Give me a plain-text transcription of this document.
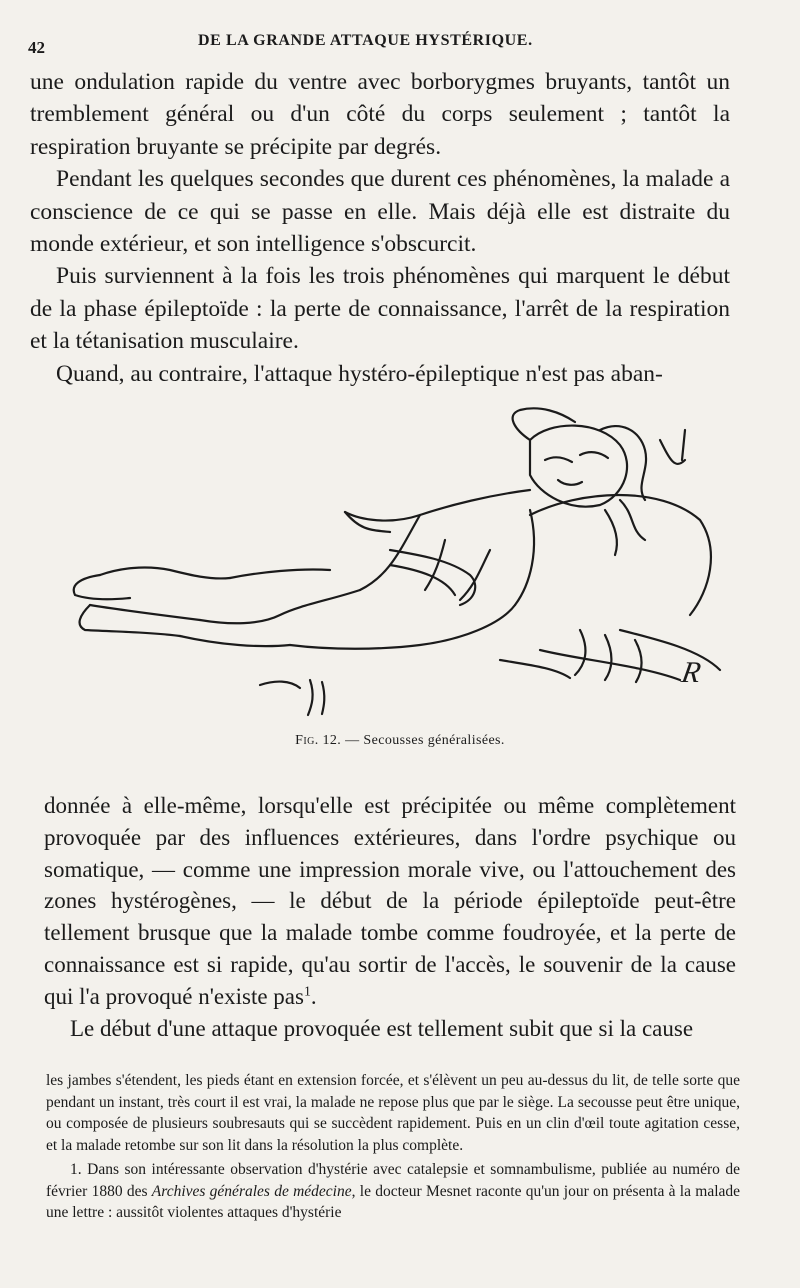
42	DE LA GRANDE ATTAQUE HYSTÉRIQUE.

une ondulation rapide du ventre avec borborygmes bruyants, tantôt un tremblement général ou d'un côté du corps seulement ; tantôt la respiration bruyante se précipite par degrés.

Pendant les quelques secondes que durent ces phénomènes, la malade a conscience de ce qui se passe en elle. Mais déjà elle est distraite du monde extérieur, et son intelligence s'obscurcit.

Puis surviennent à la fois les trois phénomènes qui marquent le début de la phase épileptoïde : la perte de connaissance, l'arrêt de la respiration et la tétanisation musculaire.

Quand, au contraire, l'attaque hystéro-épileptique n'est pas aban-

R
Fig. 12. — Secousses généralisées.

donnée à elle-même, lorsqu'elle est précipitée ou même complètement provoquée par des influences extérieures, dans l'ordre psychique ou somatique, — comme une impression morale vive, ou l'attouchement des zones hystérogènes, — le début de la période épileptoïde peut-être tellement brusque que la malade tombe comme foudroyée, et la perte de connaissance est si rapide, qu'au sortir de l'accès, le souvenir de la cause qui l'a provoqué n'existe pas$^1$.

Le début d'une attaque provoquée est tellement subit que si la cause

les jambes s'étendent, les pieds étant en extension forcée, et s'élèvent un peu au-dessus du lit, de telle sorte que pendant un instant, très court il est vrai, la malade ne repose plus que par le siège. La secousse peut être unique, ou composée de plusieurs soubresauts qui se succèdent rapidement. Puis en un clin d'œil toute agitation cesse, et la malade retombe sur son lit dans la résolution la plus complète.

1. Dans son intéressante observation d'hystérie avec catalepsie et somnambulisme, publiée au numéro de février 1880 des Archives générales de médecine, le docteur Mesnet raconte qu'un jour on présenta à la malade une lettre : aussitôt violentes attaques d'hystérie
